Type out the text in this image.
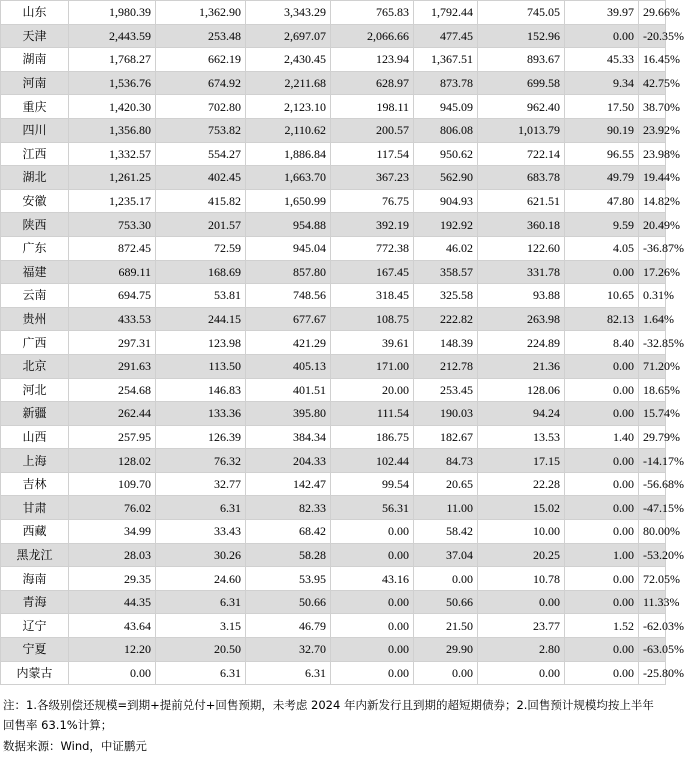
山东	1,980.39	1,362.90	3,343.29	765.83	1,792.44	745.05	39.97	29.66%
天津	2,443.59	253.48	2,697.07	2,066.66	477.45	152.96	0.00	-20.35%
湖南	1,768.27	662.19	2,430.45	123.94	1,367.51	893.67	45.33	16.45%
河南	1,536.76	674.92	2,211.68	628.97	873.78	699.58	9.34	42.75%
重庆	1,420.30	702.80	2,123.10	198.11	945.09	962.40	17.50	38.70%
四川	1,356.80	753.82	2,110.62	200.57	806.08	1,013.79	90.19	23.92%
江西	1,332.57	554.27	1,886.84	117.54	950.62	722.14	96.55	23.98%
湖北	1,261.25	402.45	1,663.70	367.23	562.90	683.78	49.79	19.44%
安徽	1,235.17	415.82	1,650.99	76.75	904.93	621.51	47.80	14.82%
陕西	753.30	201.57	954.88	392.19	192.92	360.18	9.59	20.49%
广东	872.45	72.59	945.04	772.38	46.02	122.60	4.05	-36.87%
福建	689.11	168.69	857.80	167.45	358.57	331.78	0.00	17.26%
云南	694.75	53.81	748.56	318.45	325.58	93.88	10.65	0.31%
贵州	433.53	244.15	677.67	108.75	222.82	263.98	82.13	1.64%
广西	297.31	123.98	421.29	39.61	148.39	224.89	8.40	-32.85%
北京	291.63	113.50	405.13	171.00	212.78	21.36	0.00	71.20%
河北	254.68	146.83	401.51	20.00	253.45	128.06	0.00	18.65%
新疆	262.44	133.36	395.80	111.54	190.03	94.24	0.00	15.74%
山西	257.95	126.39	384.34	186.75	182.67	13.53	1.40	29.79%
上海	128.02	76.32	204.33	102.44	84.73	17.15	0.00	-14.17%
吉林	109.70	32.77	142.47	99.54	20.65	22.28	0.00	-56.68%
甘肃	76.02	6.31	82.33	56.31	11.00	15.02	0.00	-47.15%
西藏	34.99	33.43	68.42	0.00	58.42	10.00	0.00	80.00%
黑龙江	28.03	30.26	58.28	0.00	37.04	20.25	1.00	-53.20%
海南	29.35	24.60	53.95	43.16	0.00	10.78	0.00	72.05%
青海	44.35	6.31	50.66	0.00	50.66	0.00	0.00	11.33%
辽宁	43.64	3.15	46.79	0.00	21.50	23.77	1.52	-62.03%
宁夏	12.20	20.50	32.70	0.00	29.90	2.80	0.00	-63.05%
内蒙古	0.00	6.31	6.31	0.00	0.00	0.00	0.00	-25.80%
注：1.各级别偿还规模=到期+提前兑付+回售预期，未考虑 2024 年内新发行且到期的超短期债券；2.回售预计规模均按上半年回售率 63.1%计算；
数据来源：Wind，中证鹏元
